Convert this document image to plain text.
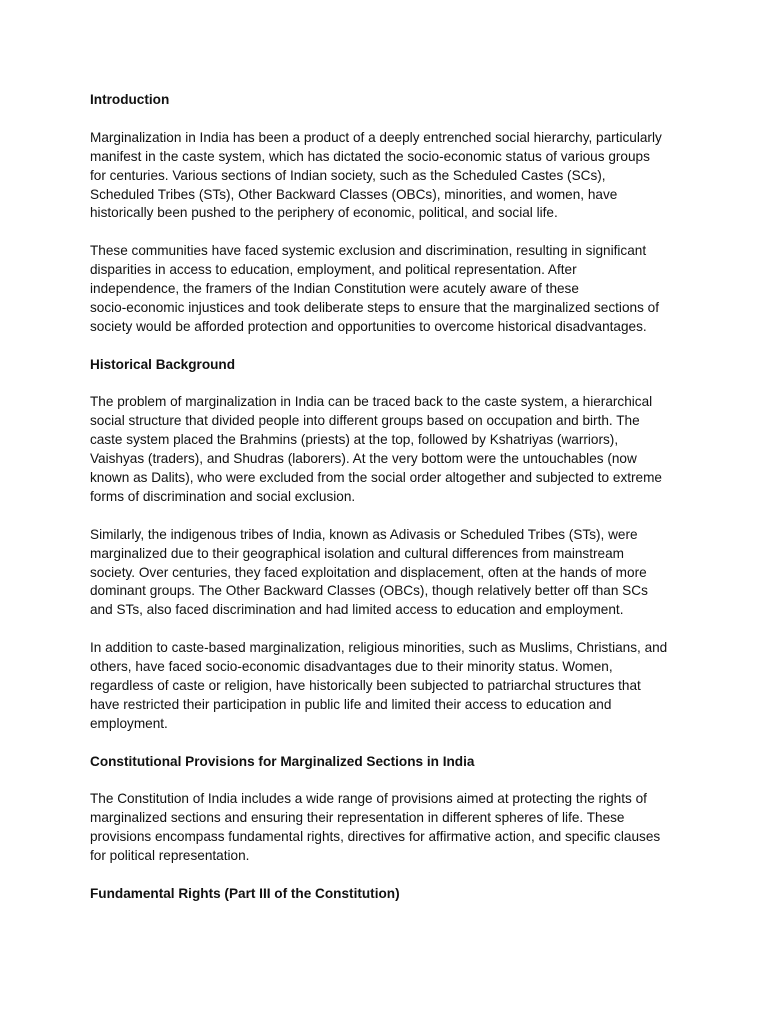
Introduction
Marginalization in India has been a product of a deeply entrenched social hierarchy, particularly
manifest in the caste system, which has dictated the socio-economic status of various groups
for centuries. Various sections of Indian society, such as the Scheduled Castes (SCs),
Scheduled Tribes (STs), Other Backward Classes (OBCs), minorities, and women, have
historically been pushed to the periphery of economic, political, and social life.
These communities have faced systemic exclusion and discrimination, resulting in significant
disparities in access to education, employment, and political representation. After
independence, the framers of the Indian Constitution were acutely aware of these
socio-economic injustices and took deliberate steps to ensure that the marginalized sections of
society would be afforded protection and opportunities to overcome historical disadvantages.
Historical Background
The problem of marginalization in India can be traced back to the caste system, a hierarchical
social structure that divided people into different groups based on occupation and birth. The
caste system placed the Brahmins (priests) at the top, followed by Kshatriyas (warriors),
Vaishyas (traders), and Shudras (laborers). At the very bottom were the untouchables (now
known as Dalits), who were excluded from the social order altogether and subjected to extreme
forms of discrimination and social exclusion.
Similarly, the indigenous tribes of India, known as Adivasis or Scheduled Tribes (STs), were
marginalized due to their geographical isolation and cultural differences from mainstream
society. Over centuries, they faced exploitation and displacement, often at the hands of more
dominant groups. The Other Backward Classes (OBCs), though relatively better off than SCs
and STs, also faced discrimination and had limited access to education and employment.
In addition to caste-based marginalization, religious minorities, such as Muslims, Christians, and
others, have faced socio-economic disadvantages due to their minority status. Women,
regardless of caste or religion, have historically been subjected to patriarchal structures that
have restricted their participation in public life and limited their access to education and
employment.
Constitutional Provisions for Marginalized Sections in India
The Constitution of India includes a wide range of provisions aimed at protecting the rights of
marginalized sections and ensuring their representation in different spheres of life. These
provisions encompass fundamental rights, directives for affirmative action, and specific clauses
for political representation.
Fundamental Rights (Part III of the Constitution)
